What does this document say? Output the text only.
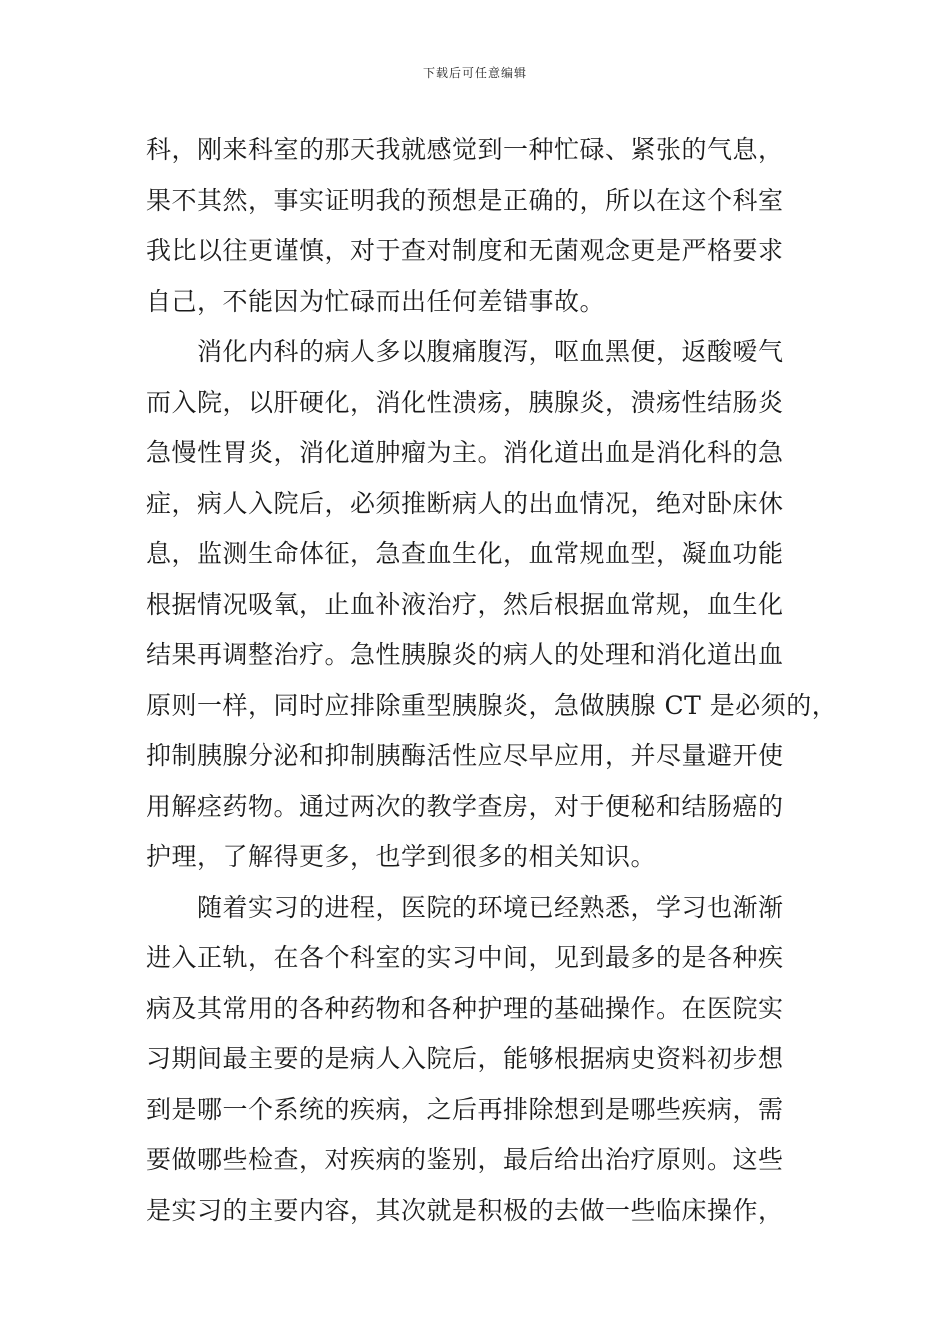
下载后可任意编辑
科，刚来科室的那天我就感觉到一种忙碌、紧张的气息，
果不其然，事实证明我的预想是正确的，所以在这个科室
我比以往更谨慎，对于查对制度和无菌观念更是严格要求
自己，不能因为忙碌而出任何差错事故。
　　消化内科的病人多以腹痛腹泻，呕血黑便，返酸嗳气
而入院，以肝硬化，消化性溃疡，胰腺炎，溃疡性结肠炎
急慢性胃炎，消化道肿瘤为主。消化道出血是消化科的急
症，病人入院后，必须推断病人的出血情况，绝对卧床休
息，监测生命体征，急查血生化，血常规血型，凝血功能
根据情况吸氧，止血补液治疗，然后根据血常规，血生化
结果再调整治疗。急性胰腺炎的病人的处理和消化道出血
原则一样，同时应排除重型胰腺炎，急做胰腺 CT 是必须的，
抑制胰腺分泌和抑制胰酶活性应尽早应用，并尽量避开使
用解痉药物。通过两次的教学查房，对于便秘和结肠癌的
护理，了解得更多，也学到很多的相关知识。
　　随着实习的进程，医院的环境已经熟悉，学习也渐渐
进入正轨，在各个科室的实习中间，见到最多的是各种疾
病及其常用的各种药物和各种护理的基础操作。在医院实
习期间最主要的是病人入院后，能够根据病史资料初步想
到是哪一个系统的疾病，之后再排除想到是哪些疾病，需
要做哪些检查，对疾病的鉴别，最后给出治疗原则。这些
是实习的主要内容，其次就是积极的去做一些临床操作，
